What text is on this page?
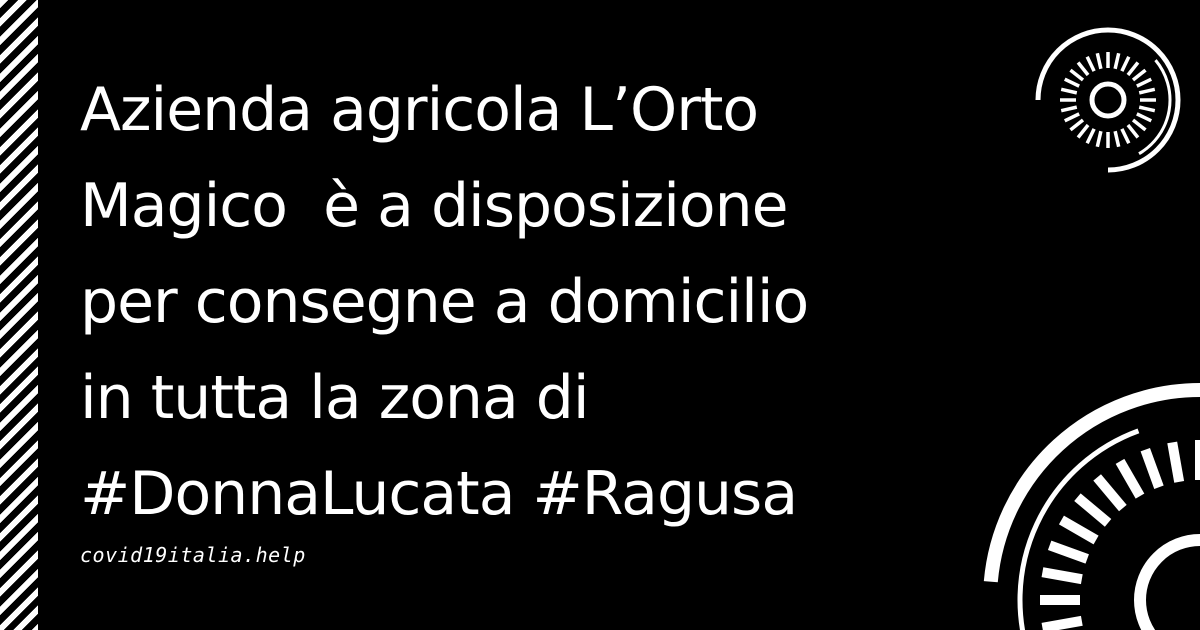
Azienda agricola L’Orto
Magico  è a disposizione
per consegne a domicilio
in tutta la zona di
#DonnaLucata #Ragusa
covid19italia.help
